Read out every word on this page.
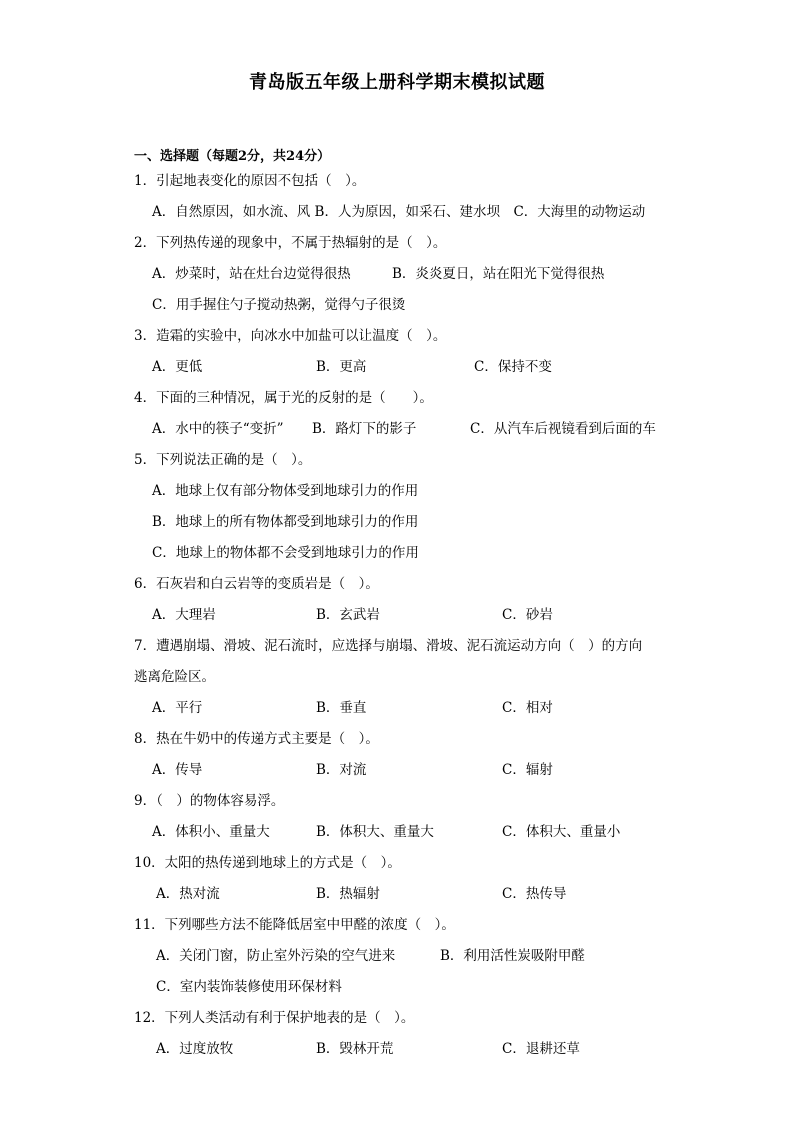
青岛版五年级上册科学期末模拟试题
一、选择题（每题2分，共24分）
1．引起地表变化的原因不包括（　）。
A．自然原因，如水流、风 B．人为原因，如采石、建水坝　C．大海里的动物运动
2．下列热传递的现象中，不属于热辐射的是（　）。
A．炒菜时，站在灶台边觉得很热	B．炎炎夏日，站在阳光下觉得很热
C．用手握住勺子搅动热粥，觉得勺子很烫
3．造霜的实验中，向冰水中加盐可以让温度（　）。
A．更低	B．更高	C．保持不变
4．下面的三种情况，属于光的反射的是（　　）。
A．水中的筷子“变折” B．路灯下的影子	C．从汽车后视镜看到后面的车
5．下列说法正确的是（　）。
A．地球上仅有部分物体受到地球引力的作用
B．地球上的所有物体都受到地球引力的作用
C．地球上的物体都不会受到地球引力的作用
6．石灰岩和白云岩等的变质岩是（　）。
A．大理岩	B．玄武岩	C．砂岩
7．遭遇崩塌、滑坡、泥石流时，应选择与崩塌、滑坡、泥石流运动方向（　）的方向
逃离危险区。
A．平行	B．垂直	C．相对
8．热在牛奶中的传递方式主要是（　）。
A．传导	B．对流	C．辐射
9．（　）的物体容易浮。
A．体积小、重量大	B．体积大、重量大	C．体积大、重量小
10．太阳的热传递到地球上的方式是（　）。
A．热对流	B．热辐射	C．热传导
11．下列哪些方法不能降低居室中甲醛的浓度（　）。
A．关闭门窗，防止室外污染的空气进来	B．利用活性炭吸附甲醛
C．室内装饰装修使用环保材料
12．下列人类活动有利于保护地表的是（　）。
A．过度放牧	B．毁林开荒	C．退耕还草
